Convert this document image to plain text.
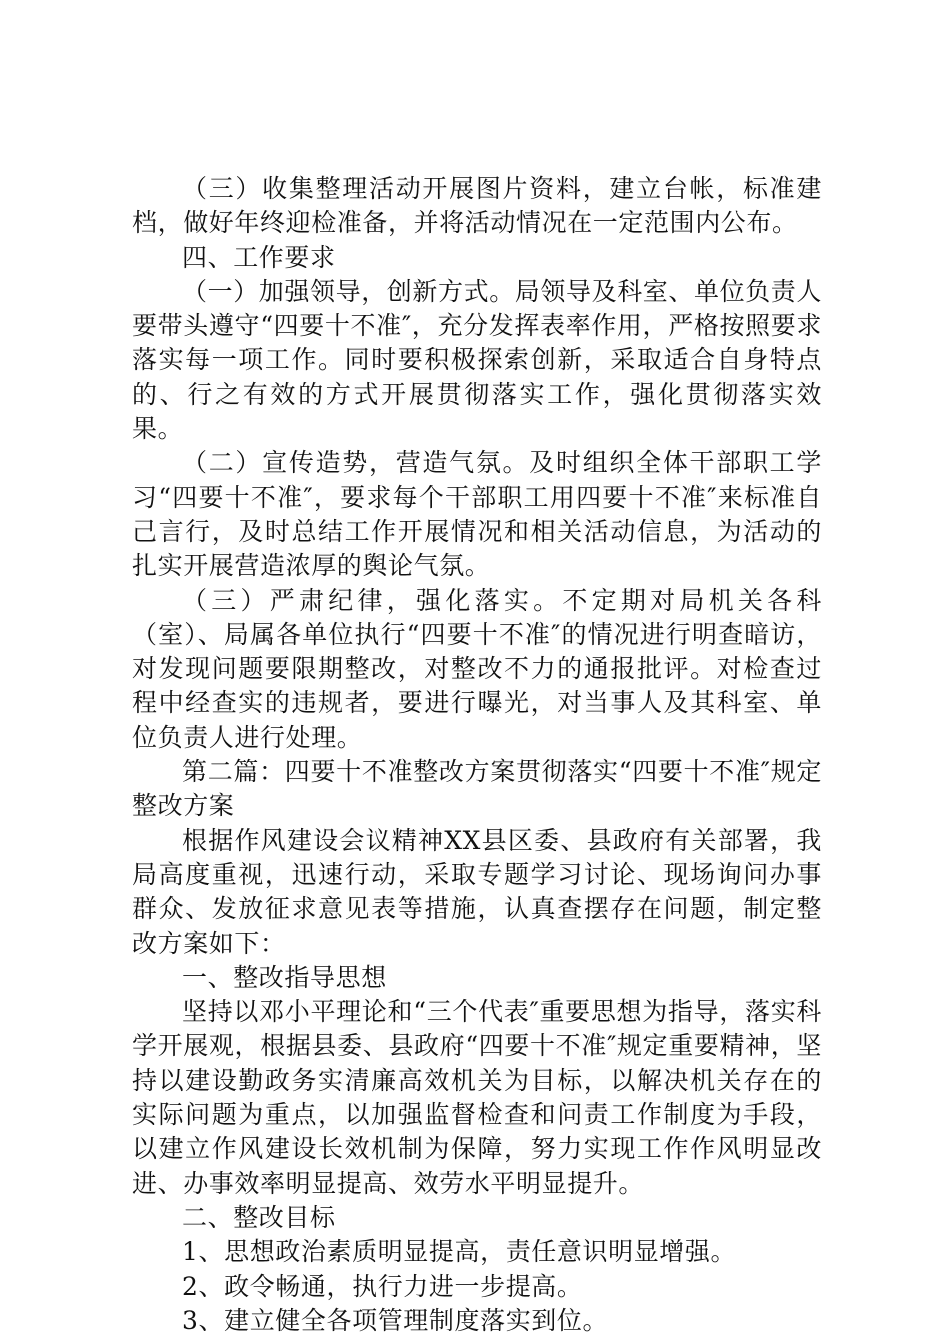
（三）收集整理活动开展图片资料，建立台帐，标准建档，做好年终迎检准备，并将活动情况在一定范围内公布。

四、工作要求

（一）加强领导，创新方式。局领导及科室、单位负责人要带头遵守“四要十不准″，充分发挥表率作用，严格按照要求落实每一项工作。同时要积极探索创新，采取适合自身特点的、行之有效的方式开展贯彻落实工作，强化贯彻落实效果。

（二）宣传造势，营造气氛。及时组织全体干部职工学习“四要十不准″，要求每个干部职工用四要十不准″来标准自己言行，及时总结工作开展情况和相关活动信息，为活动的扎实开展营造浓厚的舆论气氛。

（三）严肃纪律，强化落实。不定期对局机关各科（室）、局属各单位执行“四要十不准″的情况进行明查暗访，对发现问题要限期整改，对整改不力的通报批评。对检查过程中经查实的违规者，要进行曝光，对当事人及其科室、单位负责人进行处理。

第二篇：四要十不准整改方案贯彻落实“四要十不准″规定整改方案

根据作风建设会议精神XX县区委、县政府有关部署，我局高度重视，迅速行动，采取专题学习讨论、现场询问办事群众、发放征求意见表等措施，认真查摆存在问题，制定整改方案如下：

一、整改指导思想

坚持以邓小平理论和“三个代表″重要思想为指导，落实科学开展观，根据县委、县政府“四要十不准″规定重要精神，坚持以建设勤政务实清廉高效机关为目标，以解决机关存在的实际问题为重点，以加强监督检查和问责工作制度为手段，以建立作风建设长效机制为保障，努力实现工作作风明显改进、办事效率明显提高、效劳水平明显提升。

二、整改目标

1、思想政治素质明显提高，责任意识明显增强。

2、政令畅通，执行力进一步提高。

3、建立健全各项管理制度落实到位。
